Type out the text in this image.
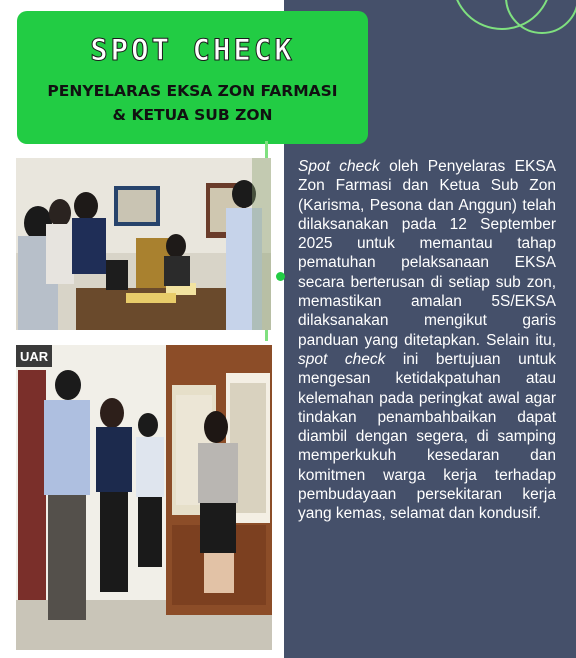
SPOT CHECK
PENYELARAS EKSA ZON FARMASI
& KETUA SUB ZON
UAR

Spot check oleh Penyelaras EKSA Zon Farmasi dan Ketua Sub Zon (Karisma, Pesona dan Anggun) telah dilaksanakan pada 12 September 2025 untuk memantau tahap pematuhan pelaksanaan EKSA secara berterusan di setiap sub zon, memastikan amalan 5S/EKSA dilaksanakan mengikut garis panduan yang ditetapkan. Selain itu, spot check ini bertujuan untuk mengesan ketidakpatuhan atau kelemahan pada peringkat awal agar tindakan penambahbaikan dapat diambil dengan segera, di samping memperkukuh kesedaran dan komitmen warga kerja terhadap pembudayaan persekitaran kerja yang kemas, selamat dan kondusif.
